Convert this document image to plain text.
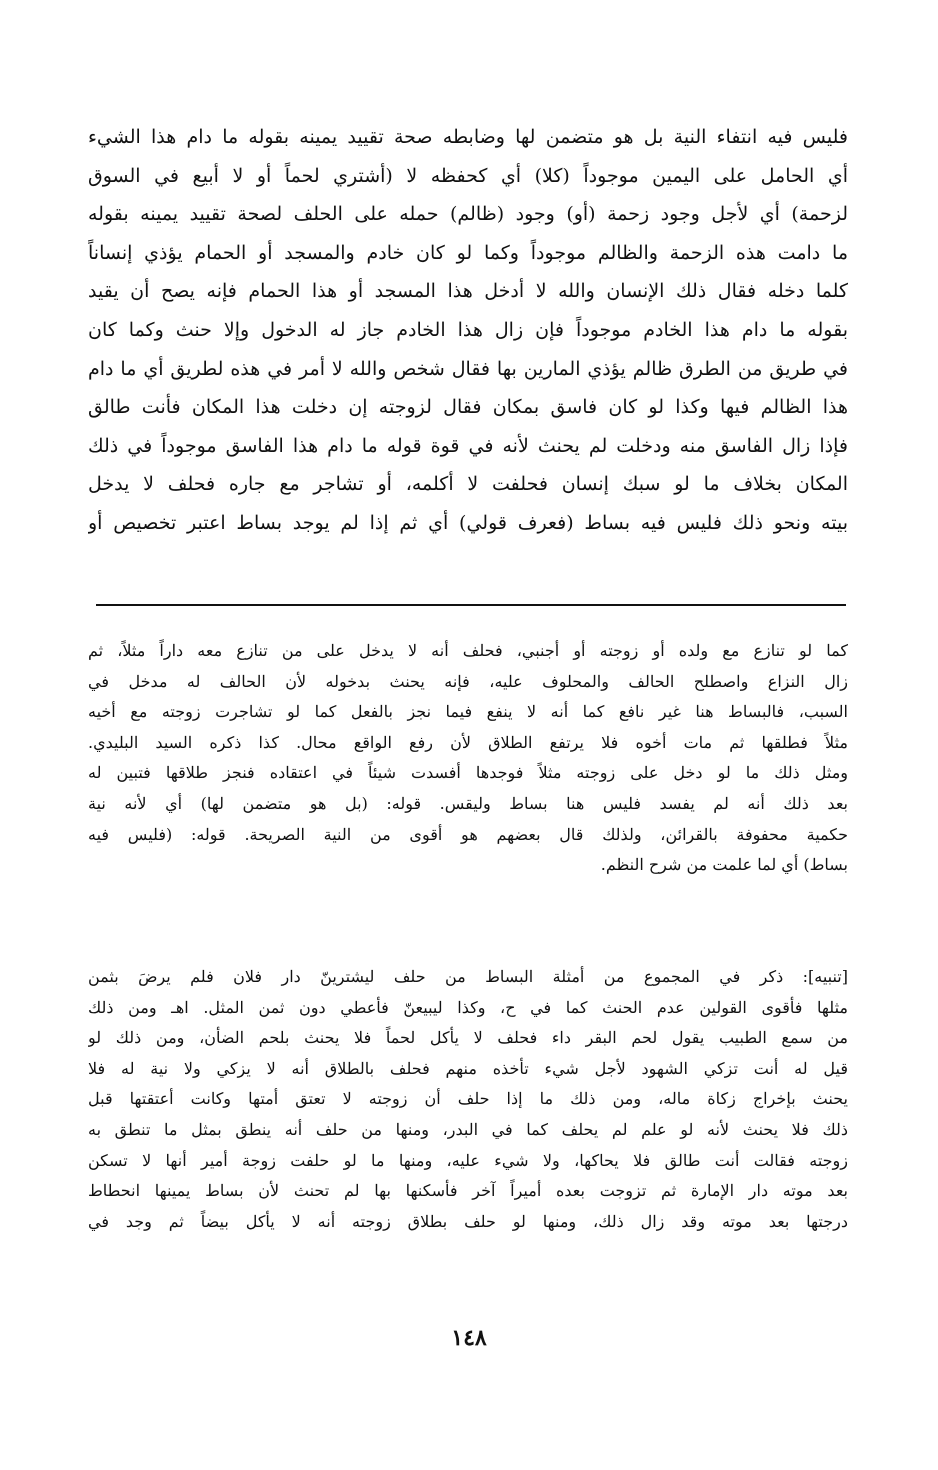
فليس فيه انتفاء النية بل هو متضمن لها وضابطه صحة تقييد يمينه بقوله ما دام هذا الشيء
أي الحامل على اليمين موجوداً (كلا) أي كحفظه لا (أشتري لحماً أو لا أبيع في السوق
لزحمة) أي لأجل وجود زحمة (أو) وجود (ظالم) حمله على الحلف لصحة تقييد يمينه بقوله
ما دامت هذه الزحمة والظالم موجوداً وكما لو كان خادم والمسجد أو الحمام يؤذي إنساناً
كلما دخله فقال ذلك الإنسان والله لا أدخل هذا المسجد أو هذا الحمام فإنه يصح أن يقيد
بقوله ما دام هذا الخادم موجوداً فإن زال هذا الخادم جاز له الدخول وإلا حنث وكما كان
في طريق من الطرق ظالم يؤذي المارين بها فقال شخص والله لا أمر في هذه لطريق أي ما دام
هذا الظالم فيها وكذا لو كان فاسق بمكان فقال لزوجته إن دخلت هذا المكان فأنت طالق
فإذا زال الفاسق منه ودخلت لم يحنث لأنه في قوة قوله ما دام هذا الفاسق موجوداً في ذلك
المكان بخلاف ما لو سبك إنسان فحلفت لا أكلمه، أو تشاجر مع جاره فحلف لا يدخل
بيته ونحو ذلك فليس فيه بساط (فعرف قولي) أي ثم إذا لم يوجد بساط اعتبر تخصيص أو
كما لو تنازع مع ولده أو زوجته أو أجنبي، فحلف أنه لا يدخل على من تنازع معه داراً مثلاً، ثم
زال النزاع واصطلح الحالف والمحلوف عليه، فإنه يحنث بدخوله لأن الحالف له مدخل في
السبب، فالبساط هنا غير نافع كما أنه لا ينفع فيما نجز بالفعل كما لو تشاجرت زوجته مع أخيه
مثلاً فطلقها ثم مات أخوه فلا يرتفع الطلاق لأن رفع الواقع محال. كذا ذكره السيد البليدي.
ومثل ذلك ما لو دخل على زوجته مثلاً فوجدها أفسدت شيئاً في اعتقاده فنجز طلاقها فتبين له
بعد ذلك أنه لم يفسد فليس هنا بساط وليقس. قوله: (بل هو متضمن لها) أي لأنه نية
حكمية محفوفة بالقرائن، ولذلك قال بعضهم هو أقوى من النية الصريحة. قوله: (فليس فيه
بساط) أي لما علمت من شرح النظم.
[تنبيه]: ذكر في المجموع من أمثلة البساط من حلف ليشترينّ دار فلان فلم يرضَ بثمن
مثلها فأقوى القولين عدم الحنث كما في ح، وكذا ليبيعنّ فأعطي دون ثمن المثل. اهـ ومن ذلك
من سمع الطبيب يقول لحم البقر داء فحلف لا يأكل لحماً فلا يحنث بلحم الضأن، ومن ذلك لو
قيل له أنت تزكي الشهود لأجل شيء تأخذه منهم فحلف بالطلاق أنه لا يزكي ولا نية له فلا
يحنث بإخراج زكاة ماله، ومن ذلك ما إذا حلف أن زوجته لا تعتق أمتها وكانت أعتقتها قبل
ذلك فلا يحنث لأنه لو علم لم يحلف كما في البدر، ومنها من حلف أنه ينطق بمثل ما تنطق به
زوجته فقالت أنت طالق فلا يحاكها، ولا شيء عليه، ومنها ما لو حلفت زوجة أمير أنها لا تسكن
بعد موته دار الإمارة ثم تزوجت بعده أميراً آخر فأسكنها بها لم تحنث لأن بساط يمينها انحطاط
درجتها بعد موته وقد زال ذلك، ومنها لو حلف بطلاق زوجته أنه لا يأكل بيضاً ثم وجد في
١٤٨
